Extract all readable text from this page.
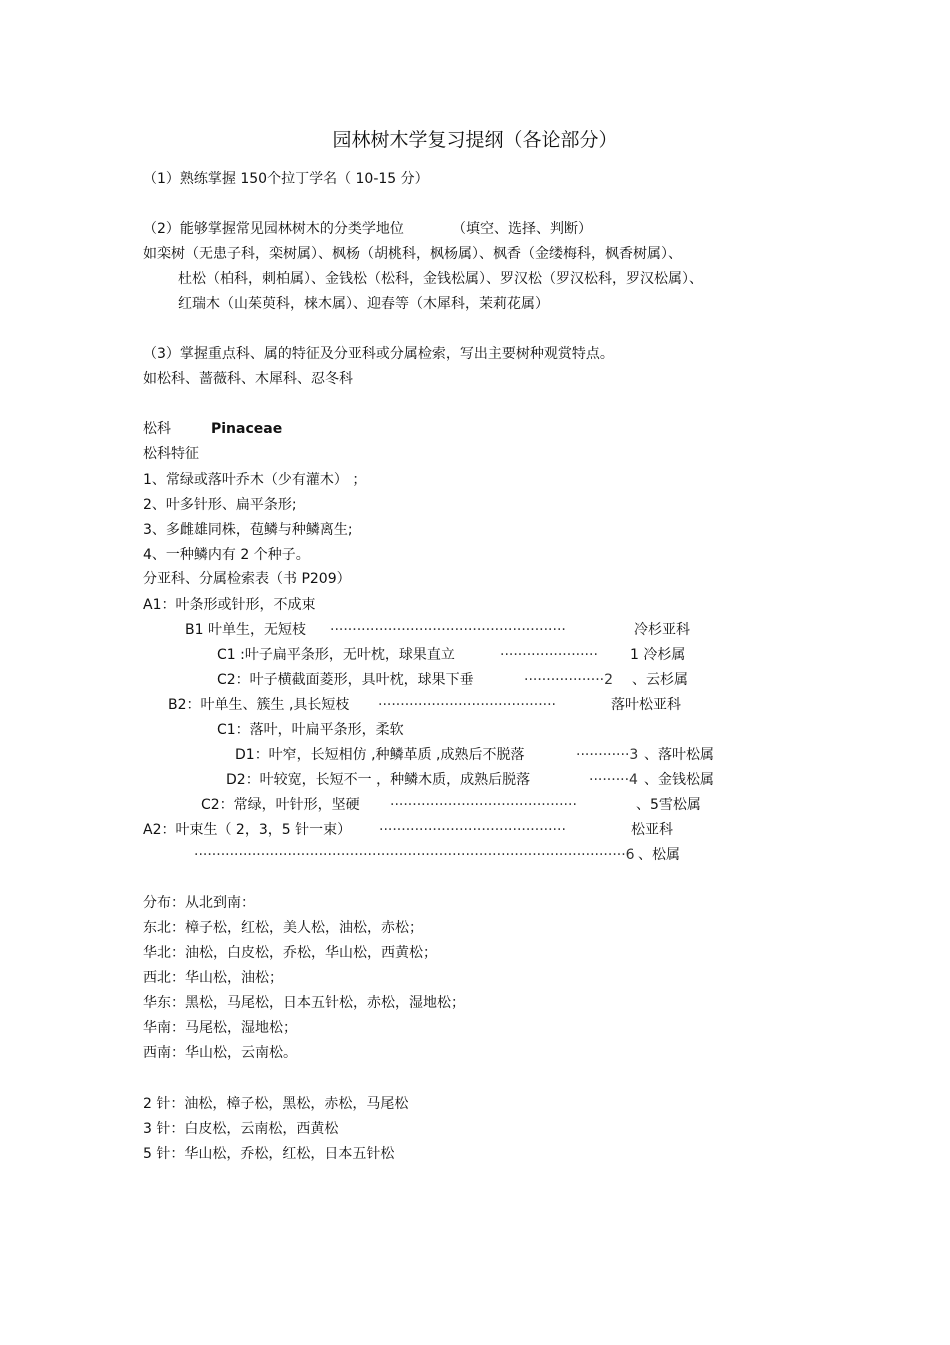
园林树木学复习提纲（各论部分）
（1）熟练掌握 150个拉丁学名（ 10-15 分）
（2）能够掌握常见园林树木的分类学地位	（填空、选择、判断）
如栾树（无患子科，栾树属）、枫杨（胡桃科，枫杨属）、枫香（金缕梅科，枫香树属）、
杜松（柏科，刺柏属）、金钱松（松科，金钱松属）、罗汉松（罗汉松科，罗汉松属）、
红瑞木（山茱萸科，梾木属）、迎春等（木犀科，茉莉花属）
（3）掌握重点科、属的特征及分亚科或分属检索，写出主要树种观赏特点。
如松科、蔷薇科、木犀科、忍冬科
松科	Pinaceae
松科特征
1、常绿或落叶乔木（少有灌木） ；
2、叶多针形、扁平条形;
3、多雌雄同株，苞鳞与种鳞离生;
4、一种鳞内有 2 个种子。
分亚科、分属检索表（书 P209）
A1：叶条形或针形，不成束
B1 叶单生，无短枝 ·····················································	冷杉亚科
C1 :叶子扁平条形，无叶枕，球果直立	······················ 1 冷杉属
C2：叶子横截面菱形，具叶枕，球果下垂	··················2 、云杉属
B2：叶单生、簇生 ,具长短枝 ········································	落叶松亚科
C1：落叶，叶扁平条形，柔软
D1：叶窄，长短相仿 ,种鳞革质 ,成熟后不脱落	············3 、落叶松属
D2：叶较宽，长短不一 ，种鳞木质，成熟后脱落	·········4 、金钱松属
C2：常绿，叶针形，坚硬 ··········································	、5雪松属
A2：叶束生（ 2，3，5 针一束） ··········································	松亚科
·································································································6 、松属
分布：从北到南：
东北：樟子松，红松，美人松，油松，赤松；
华北：油松，白皮松，乔松，华山松，西黄松；
西北：华山松，油松；
华东：黑松，马尾松，日本五针松，赤松，湿地松；
华南：马尾松，湿地松；
西南：华山松，云南松。
2 针：油松，樟子松，黑松，赤松，马尾松
3 针：白皮松，云南松，西黄松
5 针：华山松，乔松，红松，日本五针松
